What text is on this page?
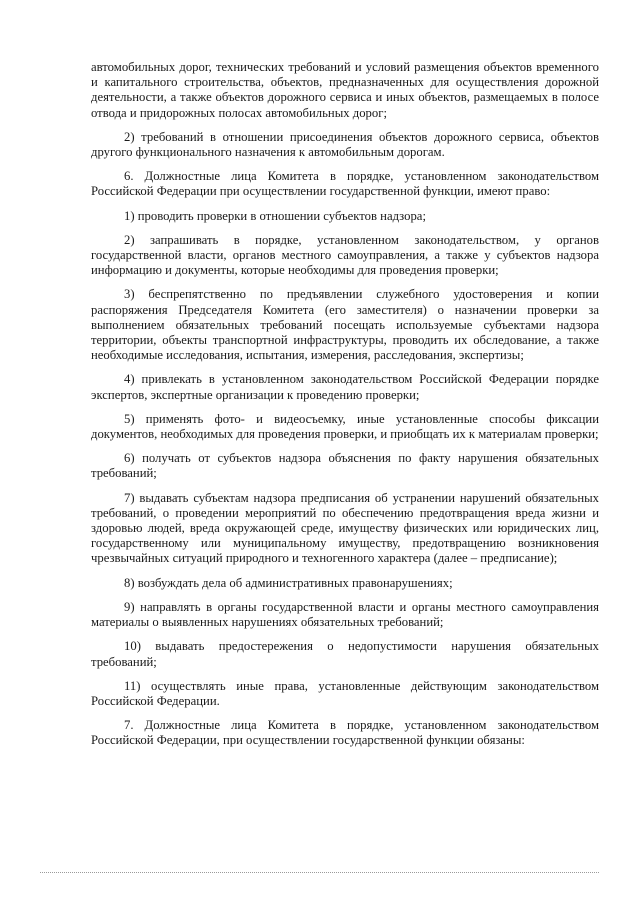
автомобильных дорог, технических требований и условий размещения объектов временного и капитального строительства, объектов, предназначенных для осуществления дорожной деятельности, а также объектов дорожного сервиса и иных объектов, размещаемых в полосе отвода и придорожных полосах автомобильных дорог;

2) требований в отношении присоединения объектов дорожного сервиса, объектов другого функционального назначения к автомобильным дорогам.

6. Должностные лица Комитета в порядке, установленном законодательством Российской Федерации при осуществлении государственной функции, имеют право:

1) проводить проверки в отношении субъектов надзора;

2) запрашивать в порядке, установленном законодательством, у органов государственной власти, органов местного самоуправления, а также у субъектов надзора информацию и документы, которые необходимы для проведения проверки;

3) беспрепятственно по предъявлении служебного удостоверения и копии распоряжения Председателя Комитета (его заместителя) о назначении проверки за выполнением обязательных требований посещать используемые субъектами надзора территории, объекты транспортной инфраструктуры, проводить их обследование, а также необходимые исследования, испытания, измерения, расследования, экспертизы;

4) привлекать в установленном законодательством Российской Федерации порядке экспертов, экспертные организации к проведению проверки;

5) применять фото- и видеосъемку, иные установленные способы фиксации документов, необходимых для проведения проверки, и приобщать их к материалам проверки;

6) получать от субъектов надзора объяснения по факту нарушения обязательных требований;

7) выдавать субъектам надзора предписания об устранении нарушений обязательных требований, о проведении мероприятий по обеспечению предотвращения вреда жизни и здоровью людей, вреда окружающей среде, имуществу физических или юридических лиц, государственному или муниципальному имуществу, предотвращению возникновения чрезвычайных ситуаций природного и техногенного характера (далее – предписание);

8) возбуждать дела об административных правонарушениях;

9) направлять в органы государственной власти и органы местного самоуправления материалы о выявленных нарушениях обязательных требований;

10) выдавать предостережения о недопустимости нарушения обязательных требований;

11) осуществлять иные права, установленные действующим законодательством Российской Федерации.

7. Должностные лица Комитета в порядке, установленном законодательством Российской Федерации, при осуществлении государственной функции обязаны:
